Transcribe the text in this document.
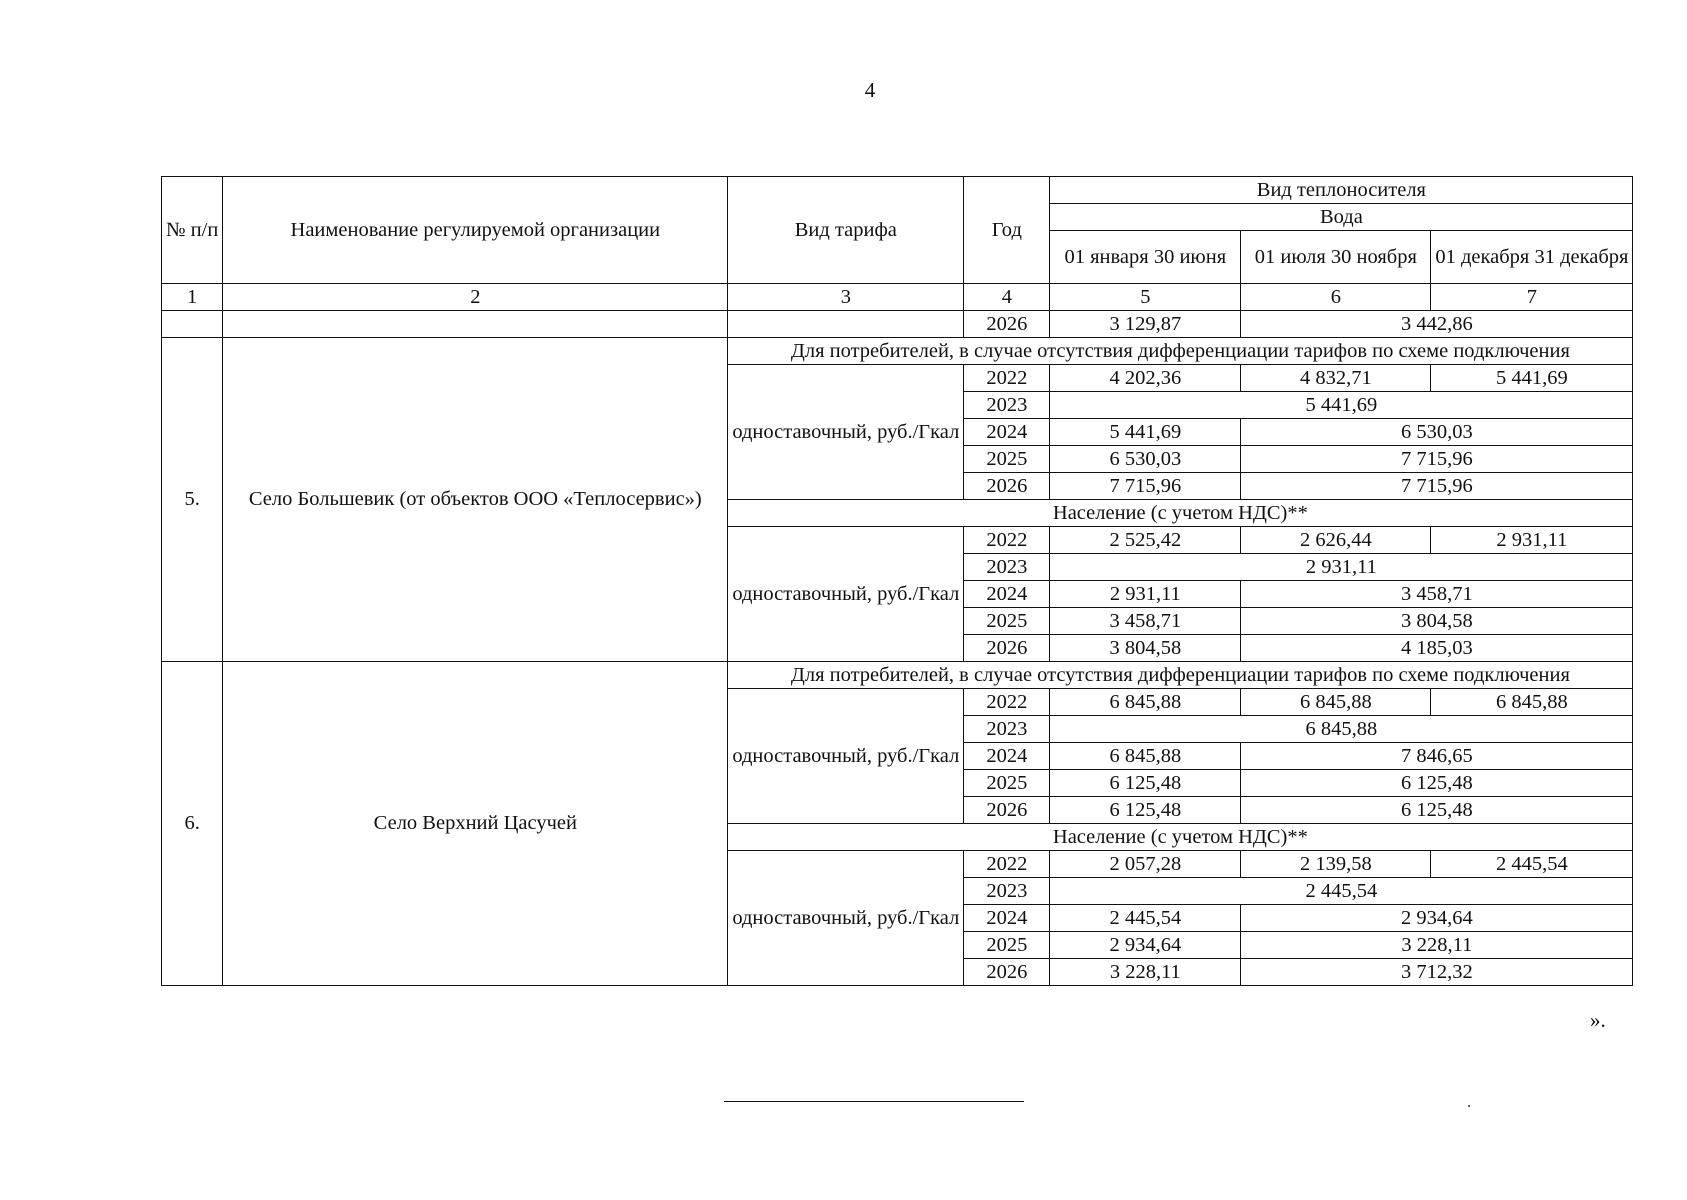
4
№ п/п	Наименование регулируемой организации	Вид тарифа	Год	Вид теплоносителя		
				Вода		
				01 января 30 июня	01 июля 30 ноября	01 декабря 31 декабря
1	2	3	4	5	6	7
			2026	3 129,87	3 442,86	
5.	Село Большевик (от объектов ООО «Теплосервис»)	Для потребителей, в случае отсутствия дифференциации тарифов по схеме подключения				
		одноставочный, руб./Гкал	2022	4 202,36	4 832,71	5 441,69
			2023	5 441,69		
			2024	5 441,69	6 530,03	
			2025	6 530,03	7 715,96	
			2026	7 715,96	7 715,96	
		Население (с учетом НДС)**				
		одноставочный, руб./Гкал	2022	2 525,42	2 626,44	2 931,11
			2023	2 931,11		
			2024	2 931,11	3 458,71	
			2025	3 458,71	3 804,58	
			2026	3 804,58	4 185,03	
6.	Село Верхний Цасучей	Для потребителей, в случае отсутствия дифференциации тарифов по схеме подключения				
		одноставочный, руб./Гкал	2022	6 845,88	6 845,88	6 845,88
			2023	6 845,88		
			2024	6 845,88	7 846,65	
			2025	6 125,48	6 125,48	
			2026	6 125,48	6 125,48	
		Население (с учетом НДС)**				
		одноставочный, руб./Гкал	2022	2 057,28	2 139,58	2 445,54
			2023	2 445,54		
			2024	2 445,54	2 934,64	
			2025	2 934,64	3 228,11	
			2026	3 228,11	3 712,32	
».
